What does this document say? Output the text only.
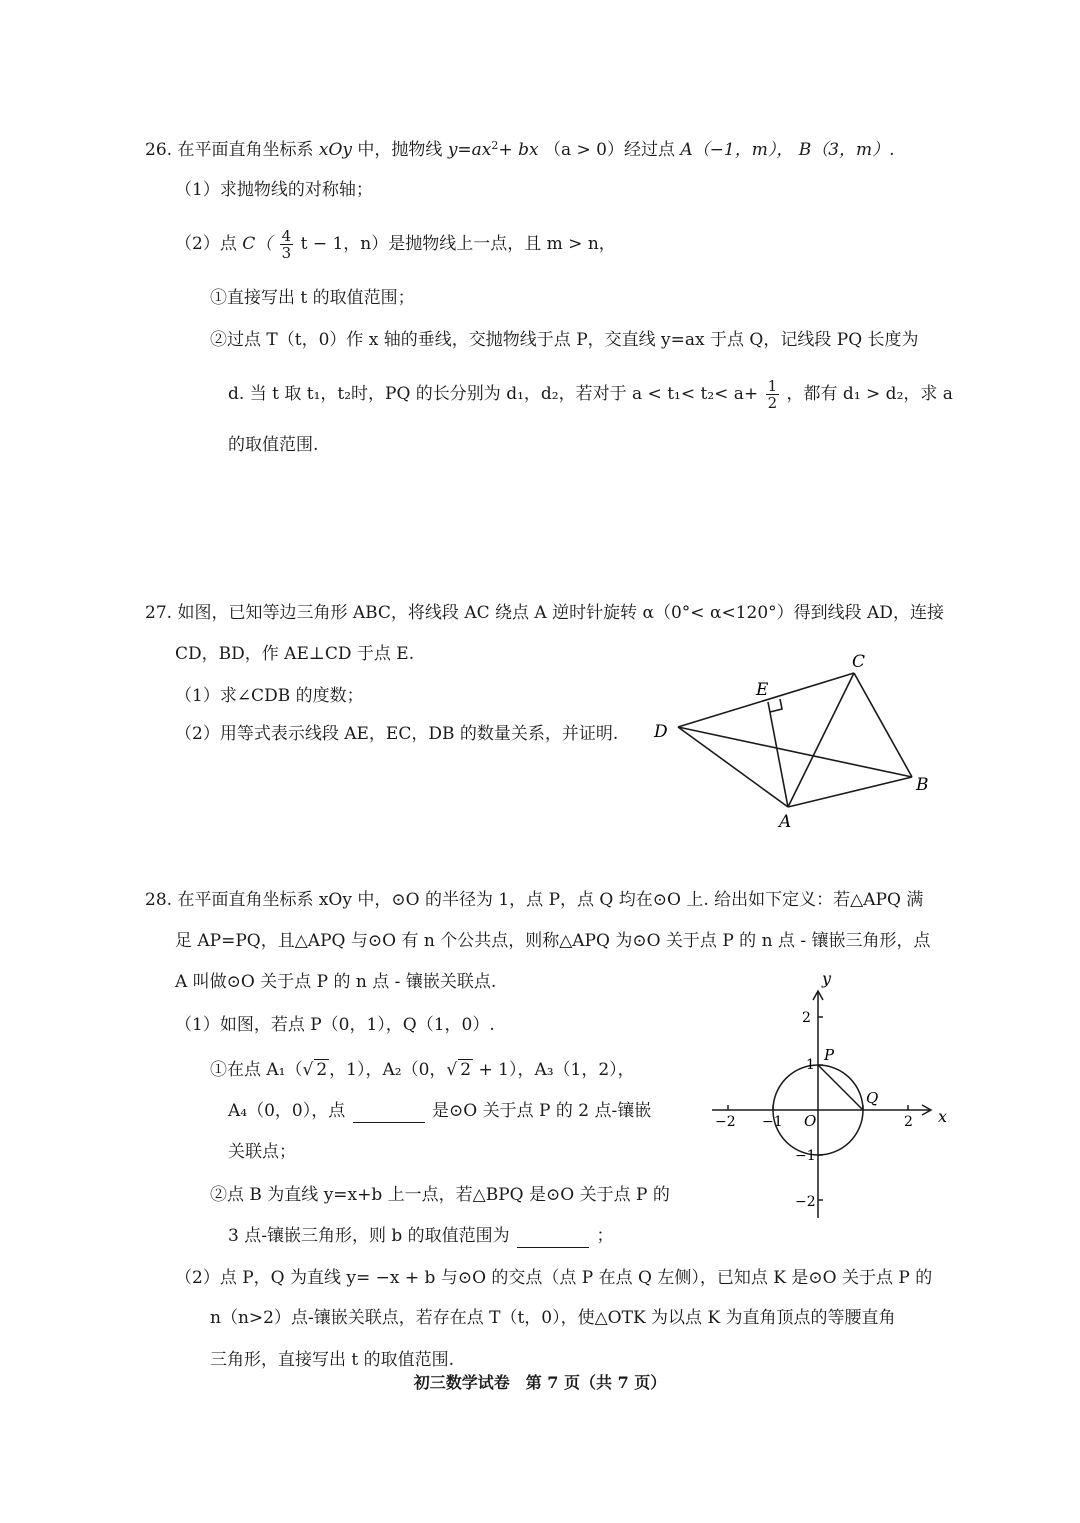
26. 在平面直角坐标系 xOy 中，抛物线 $y=ax^2+$ bx （a > 0）经过点 A（−1，m）， B（3，m）.
（1）求抛物线的对称轴；
（2）点 $C( \frac{4}{3}$ t − 1，n）是抛物线上一点，且 m > n，
①直接写出 t 的取值范围；
②过点 T（t，0）作 x 轴的垂线，交抛物线于点 P，交直线 y=ax 于点 Q，记线段 PQ 长度为
d. 当 t 取 t₁，t₂时，PQ 的长分别为 d₁，d₂，若对于 $a < t_1< t_2< a+ \frac{1}{2}$ ，都有 d₁ > d₂，求 a
的取值范围.
27. 如图，已知等边三角形 ABC，将线段 AC 绕点 A 逆时针旋转 α（0°< α<120°）得到线段 AD，连接
CD，BD，作 AE⊥CD 于点 E.
（1）求∠CDB 的度数；
（2）用等式表示线段 AE，EC，DB 的数量关系，并证明.
C
E
D
A
B
28. 在平面直角坐标系 xOy 中，⊙O 的半径为 1，点 P，点 Q 均在⊙O 上. 给出如下定义：若△APQ 满
足 AP=PQ，且△APQ 与⊙O 有 n 个公共点，则称△APQ 为⊙O 关于点 P 的 n 点 - 镶嵌三角形，点
A 叫做⊙O 关于点 P 的 n 点 - 镶嵌关联点.
（1）如图，若点 P（0，1），Q（1，0）.
①在点 A₁（√ 2 ，1），A₂（0，√ 2 + 1），A₃（1，2），
A₄（0，0），点	是⊙O 关于点 P 的 2 点-镶嵌
关联点；
②点 B 为直线 y=x+b 上一点，若△BPQ 是⊙O 关于点 P 的
3 点-镶嵌三角形，则 b 的取值范围为	；
（2）点 P，Q 为直线 y= −x + b 与⊙O 的交点（点 P 在点 Q 左侧），已知点 K 是⊙O 关于点 P 的
n（n>2）点-镶嵌关联点，若存在点 T（t，0），使△OTK 为以点 K 为直角顶点的等腰直角
三角形，直接写出 t 的取值范围.
y
x
2
1
−1
−2
−2 −1	2
O
P
Q
初三数学试卷　第 7 页（共 7 页）
